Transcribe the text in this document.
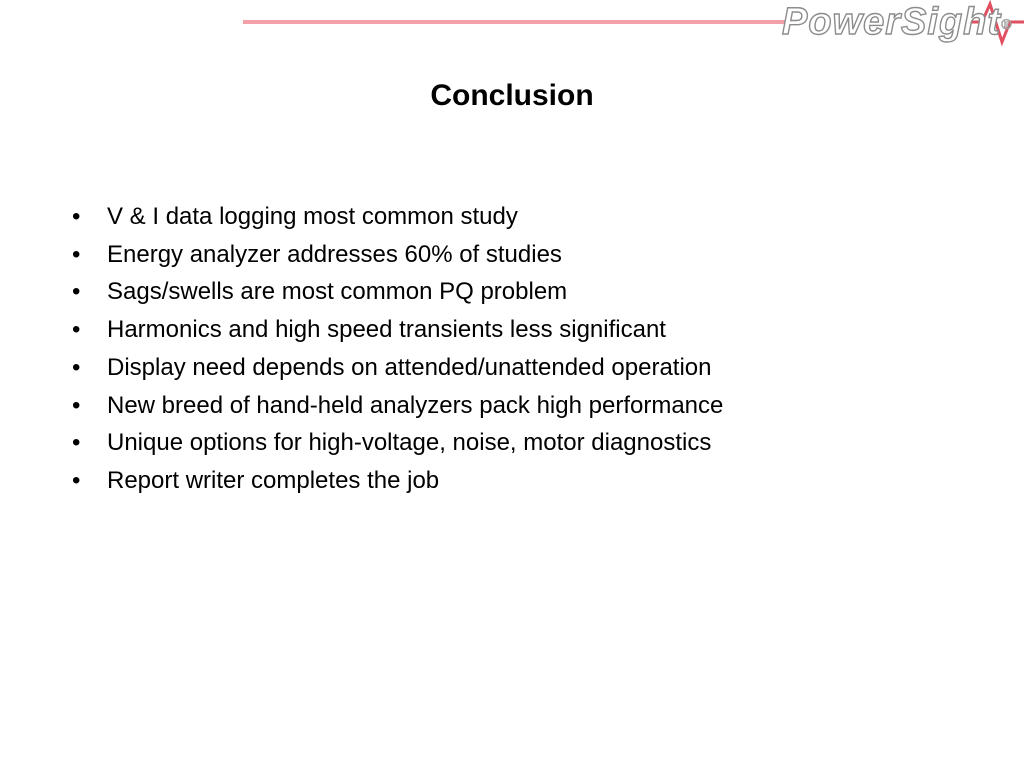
PowerSight®
Conclusion
• V & I data logging most common study
• Energy analyzer addresses 60% of studies
• Sags/swells are most common PQ problem
• Harmonics and high speed transients less significant
• Display need depends on attended/unattended operation
• New breed of hand-held analyzers pack high performance
• Unique options for high-voltage, noise, motor diagnostics
• Report writer completes the job
